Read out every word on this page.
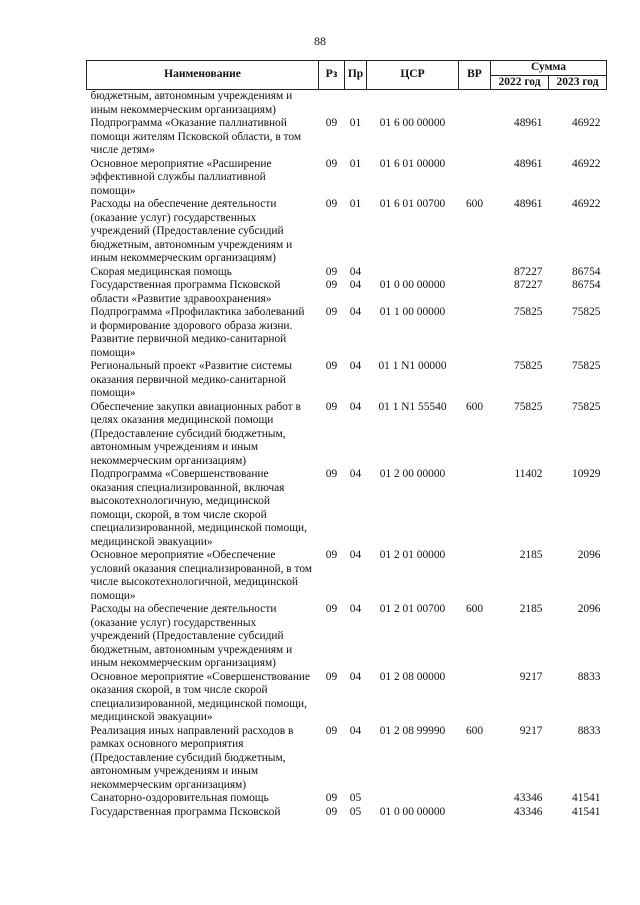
88
Наименование	Рз	Пр	ЦСР	ВР	Сумма	
					2022 год	2023 год
бюджетным, автономным учреждениям и иным некоммерческим организациям)						
Подпрограмма «Оказание паллиативной помощи жителям Псковской области, в том числе детям»	09	01	01 6 00 00000		48961	46922
Основное мероприятие «Расширение эффективной службы паллиативной помощи»	09	01	01 6 01 00000		48961	46922
Расходы на обеспечение деятельности (оказание услуг) государственных учреждений (Предоставление субсидий бюджетным, автономным учреждениям и иным некоммерческим организациям)	09	01	01 6 01 00700	600	48961	46922
Скорая медицинская помощь	09	04			87227	86754
Государственная программа Псковской области «Развитие здравоохранения»	09	04	01 0 00 00000		87227	86754
Подпрограмма «Профилактика заболеваний и формирование здорового образа жизни. Развитие первичной медико-санитарной помощи»	09	04	01 1 00 00000		75825	75825
Региональный проект «Развитие системы оказания первичной медико-санитарной помощи»	09	04	01 1 N1 00000		75825	75825
Обеспечение закупки авиационных работ в целях оказания медицинской помощи (Предоставление субсидий бюджетным, автономным учреждениям и иным некоммерческим организациям)	09	04	01 1 N1 55540	600	75825	75825
Подпрограмма «Совершенствование оказания специализированной, включая высокотехнологичную, медицинской помощи, скорой, в том числе скорой специализированной, медицинской помощи, медицинской эвакуации»	09	04	01 2 00 00000		11402	10929
Основное мероприятие «Обеспечение условий оказания специализированной, в том числе высокотехнологичной, медицинской помощи»	09	04	01 2 01 00000		2185	2096
Расходы на обеспечение деятельности (оказание услуг) государственных учреждений (Предоставление субсидий бюджетным, автономным учреждениям и иным некоммерческим организациям)	09	04	01 2 01 00700	600	2185	2096
Основное мероприятие «Совершенствование оказания скорой, в том числе скорой специализированной, медицинской помощи, медицинской эвакуации»	09	04	01 2 08 00000		9217	8833
Реализация иных направлений расходов в рамках основного мероприятия (Предоставление субсидий бюджетным, автономным учреждениям и иным некоммерческим организациям)	09	04	01 2 08 99990	600	9217	8833
Санаторно-оздоровительная помощь	09	05			43346	41541
Государственная программа Псковской	09	05	01 0 00 00000		43346	41541
